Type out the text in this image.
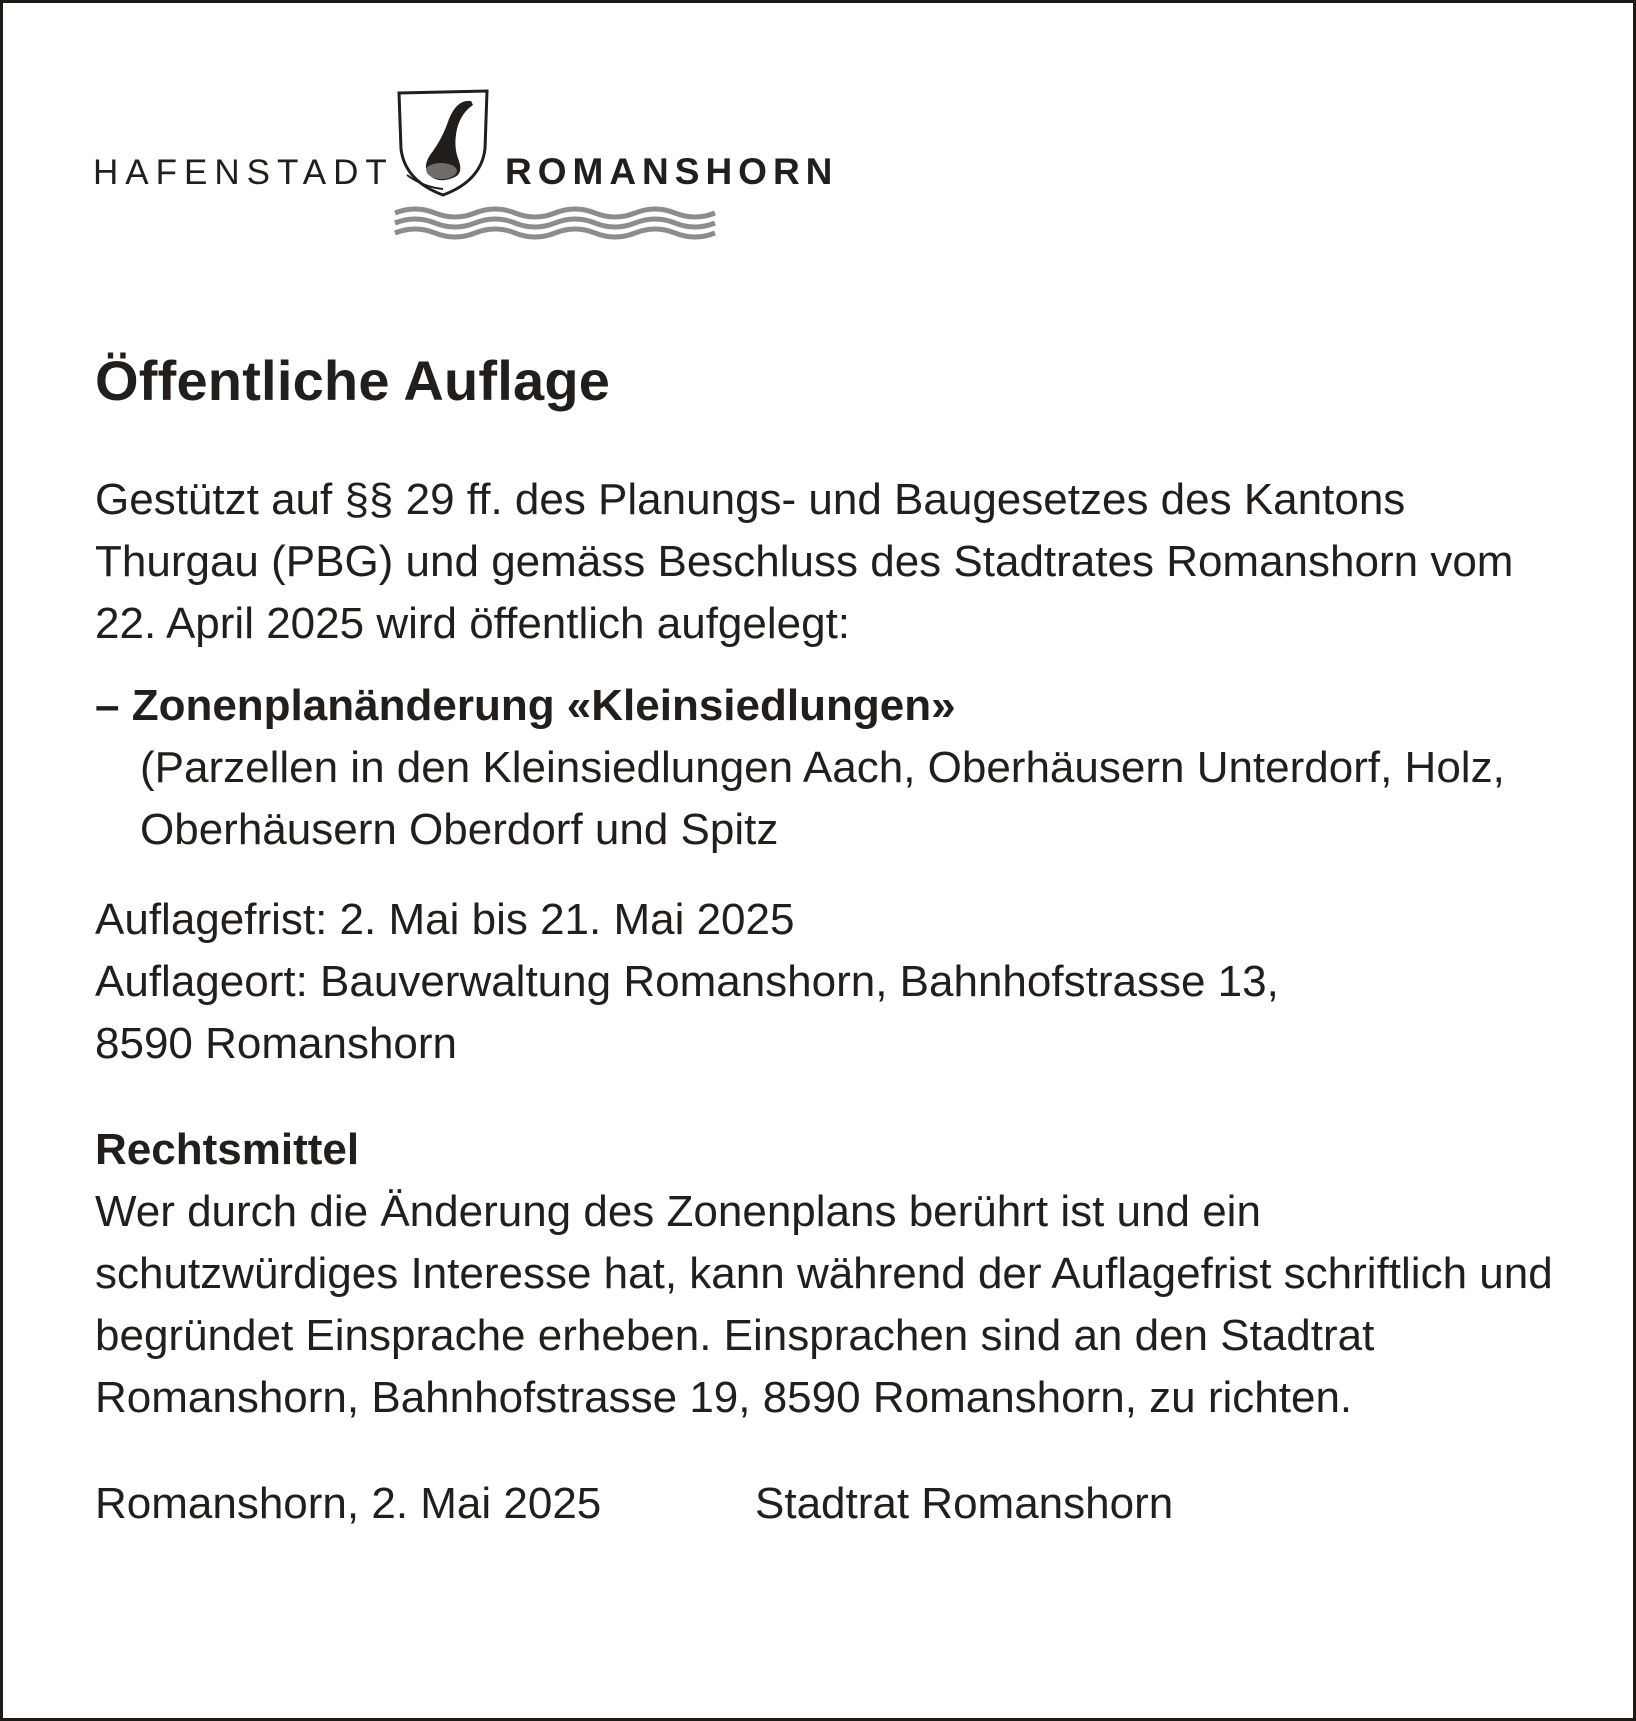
HAFENSTADT	ROMANSHORN
Öffentliche Auflage

Gestützt auf §§ 29 ff. des Planungs- und Baugesetzes des Kantons Thurgau (PBG) und gemäss Beschluss des Stadtrates Romanshorn vom 22. April 2025 wird öffentlich aufgelegt:

– Zonenplanänderung «Kleinsiedlungen»
(Parzellen in den Kleinsiedlungen Aach, Oberhäusern Unterdorf, Holz, Oberhäusern Oberdorf und Spitz
Auflagefrist: 2. Mai bis 21. Mai 2025
Auflageort: Bauverwaltung Romanshorn, Bahnhofstrasse 13,
8590 Romanshorn
Rechtsmittel

Wer durch die Änderung des Zonenplans berührt ist und ein schutzwürdiges Interesse hat, kann während der Auflagefrist schriftlich und begründet Einsprache erheben. Einsprachen sind an den Stadtrat Romanshorn, Bahnhofstrasse 19, 8590 Romanshorn, zu richten.

Romanshorn, 2. Mai 2025	Stadtrat Romanshorn
